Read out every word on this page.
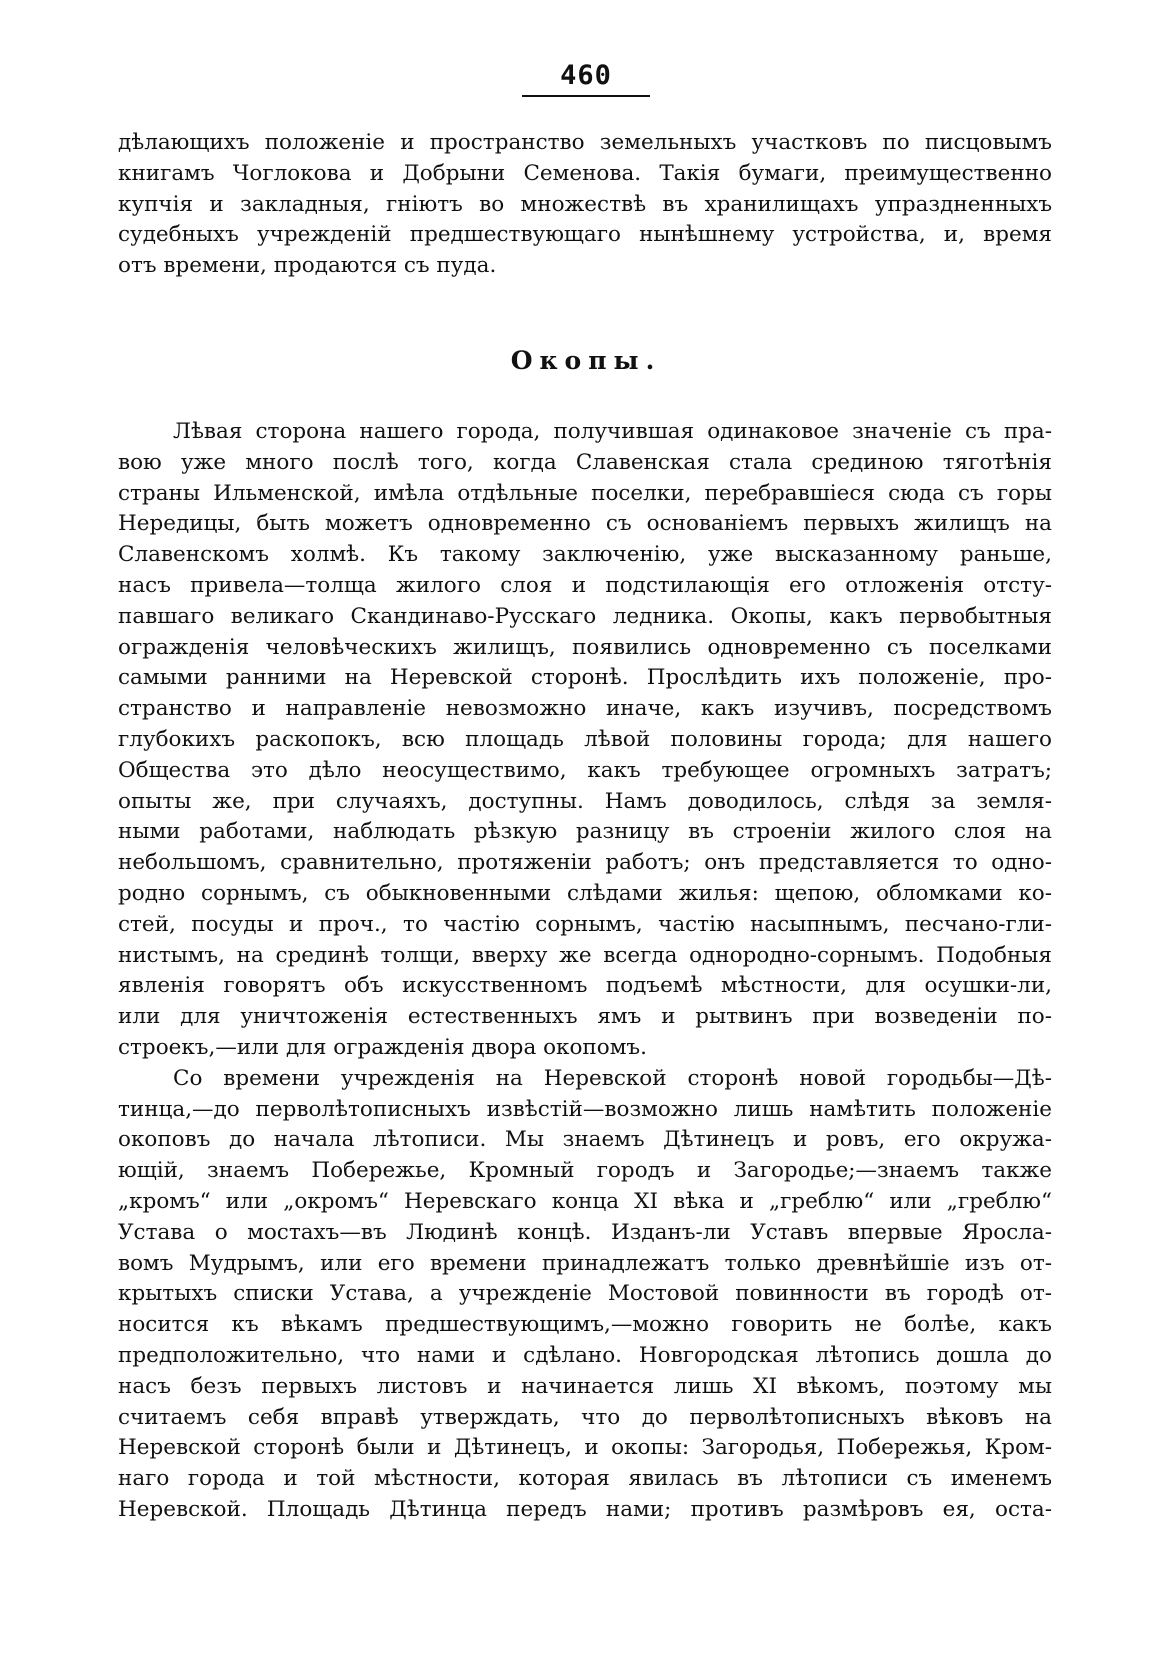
460
дѣлающихъ положеніе и пространство земельныхъ участковъ по писцовымъ
книгамъ Чоглокова и Добрыни Семенова. Такія бумаги, преимущественно
купчія и закладныя, гніютъ во множествѣ въ хранилищахъ упраздненныхъ
судебныхъ учрежденій предшествующаго нынѣшнему устройства, и, время
отъ времени, продаются съ пуда.
Окопы.
Лѣвая сторона нашего города, получившая одинаковое значеніе съ пра-
вою уже много послѣ того, когда Славенская стала срединою тяготѣнія
страны Ильменской, имѣла отдѣльные поселки, перебравшіеся сюда съ горы
Нередицы, быть можетъ одновременно съ основаніемъ первыхъ жилищъ на
Славенскомъ холмѣ. Къ такому заключенію, уже высказанному раньше,
насъ привела—толща жилого слоя и подстилающія его отложенія отсту-
павшаго великаго Скандинаво-Русскаго ледника. Окопы, какъ первобытныя
огражденія человѣческихъ жилищъ, появились одновременно съ поселками
самыми ранними на Неревской сторонѣ. Прослѣдить ихъ положеніе, про-
странство и направленіе невозможно иначе, какъ изучивъ, посредствомъ
глубокихъ раскопокъ, всю площадь лѣвой половины города; для нашего
Общества это дѣло неосуществимо, какъ требующее огромныхъ затратъ;
опыты же, при случаяхъ, доступны. Намъ доводилось, слѣдя за земля-
ными работами, наблюдать рѣзкую разницу въ строеніи жилого слоя на
небольшомъ, сравнительно, протяженіи работъ; онъ представляется то одно-
родно сорнымъ, съ обыкновенными слѣдами жилья: щепою, обломками ко-
стей, посуды и проч., то частію сорнымъ, частію насыпнымъ, песчано-гли-
нистымъ, на срединѣ толщи, вверху же всегда однородно-сорнымъ. Подобныя
явленія говорятъ объ искусственномъ подъемѣ мѣстности, для осушки-ли,
или для уничтоженія естественныхъ ямъ и рытвинъ при возведеніи по-
строекъ,—или для огражденія двора окопомъ.
Со времени учрежденія на Неревской сторонѣ новой городьбы—Дѣ-
тинца,—до перволѣтописныхъ извѣстій—возможно лишь намѣтить положеніе
окоповъ до начала лѣтописи. Мы знаемъ Дѣтинецъ и ровъ, его окружа-
ющій, знаемъ Побережье, Кромный городъ и Загородье;—знаемъ также
„кромъ“ или „окромъ“ Неревскаго конца XI вѣка и „греблю“ или „греблю“
Устава о мостахъ—въ Людинѣ концѣ. Изданъ-ли Уставъ впервые Яросла-
вомъ Мудрымъ, или его времени принадлежатъ только древнѣйшіе изъ от-
крытыхъ списки Устава, а учрежденіе Мостовой повинности въ городѣ от-
носится къ вѣкамъ предшествующимъ,—можно говорить не болѣе, какъ
предположительно, что нами и сдѣлано. Новгородская лѣтопись дошла до
насъ безъ первыхъ листовъ и начинается лишь XI вѣкомъ, поэтому мы
считаемъ себя вправѣ утверждать, что до перволѣтописныхъ вѣковъ на
Неревской сторонѣ были и Дѣтинецъ, и окопы: Загородья, Побережья, Кром-
наго города и той мѣстности, которая явилась въ лѣтописи съ именемъ
Неревской. Площадь Дѣтинца передъ нами; противъ размѣровъ ея, оста-
